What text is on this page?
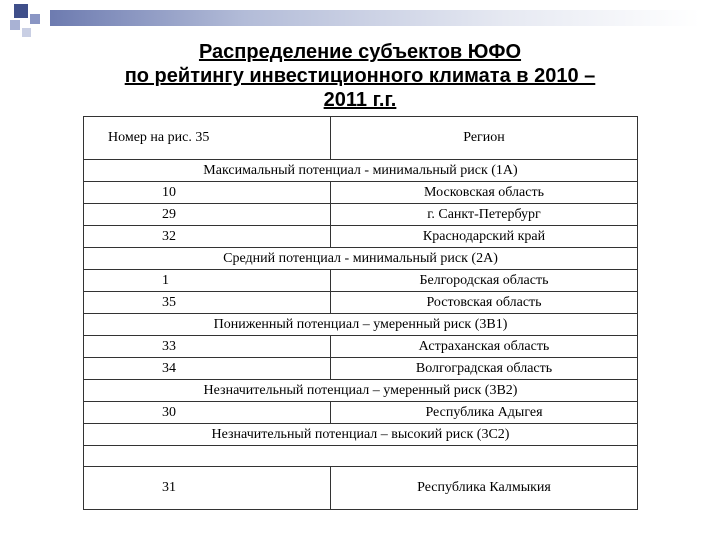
Распределение субъектов ЮФО
по рейтингу инвестиционного климата в 2010 –
2011 г.г.
Номер на рис. 35	Регион
Максимальный потенциал - минимальный риск (1А)	
10	Московская область
29	г. Санкт-Петербург
32	Краснодарский край
Средний потенциал - минимальный риск (2А)	
1	Белгородская область
35	Ростовская область
Пониженный потенциал – умеренный риск (3В1)	
33	Астраханская область
34	Волгоградская область
Незначительный потенциал – умеренный риск (3В2)	
30	Республика Адыгея
Незначительный потенциал – высокий риск (3С2)	

31	Республика Калмыкия
